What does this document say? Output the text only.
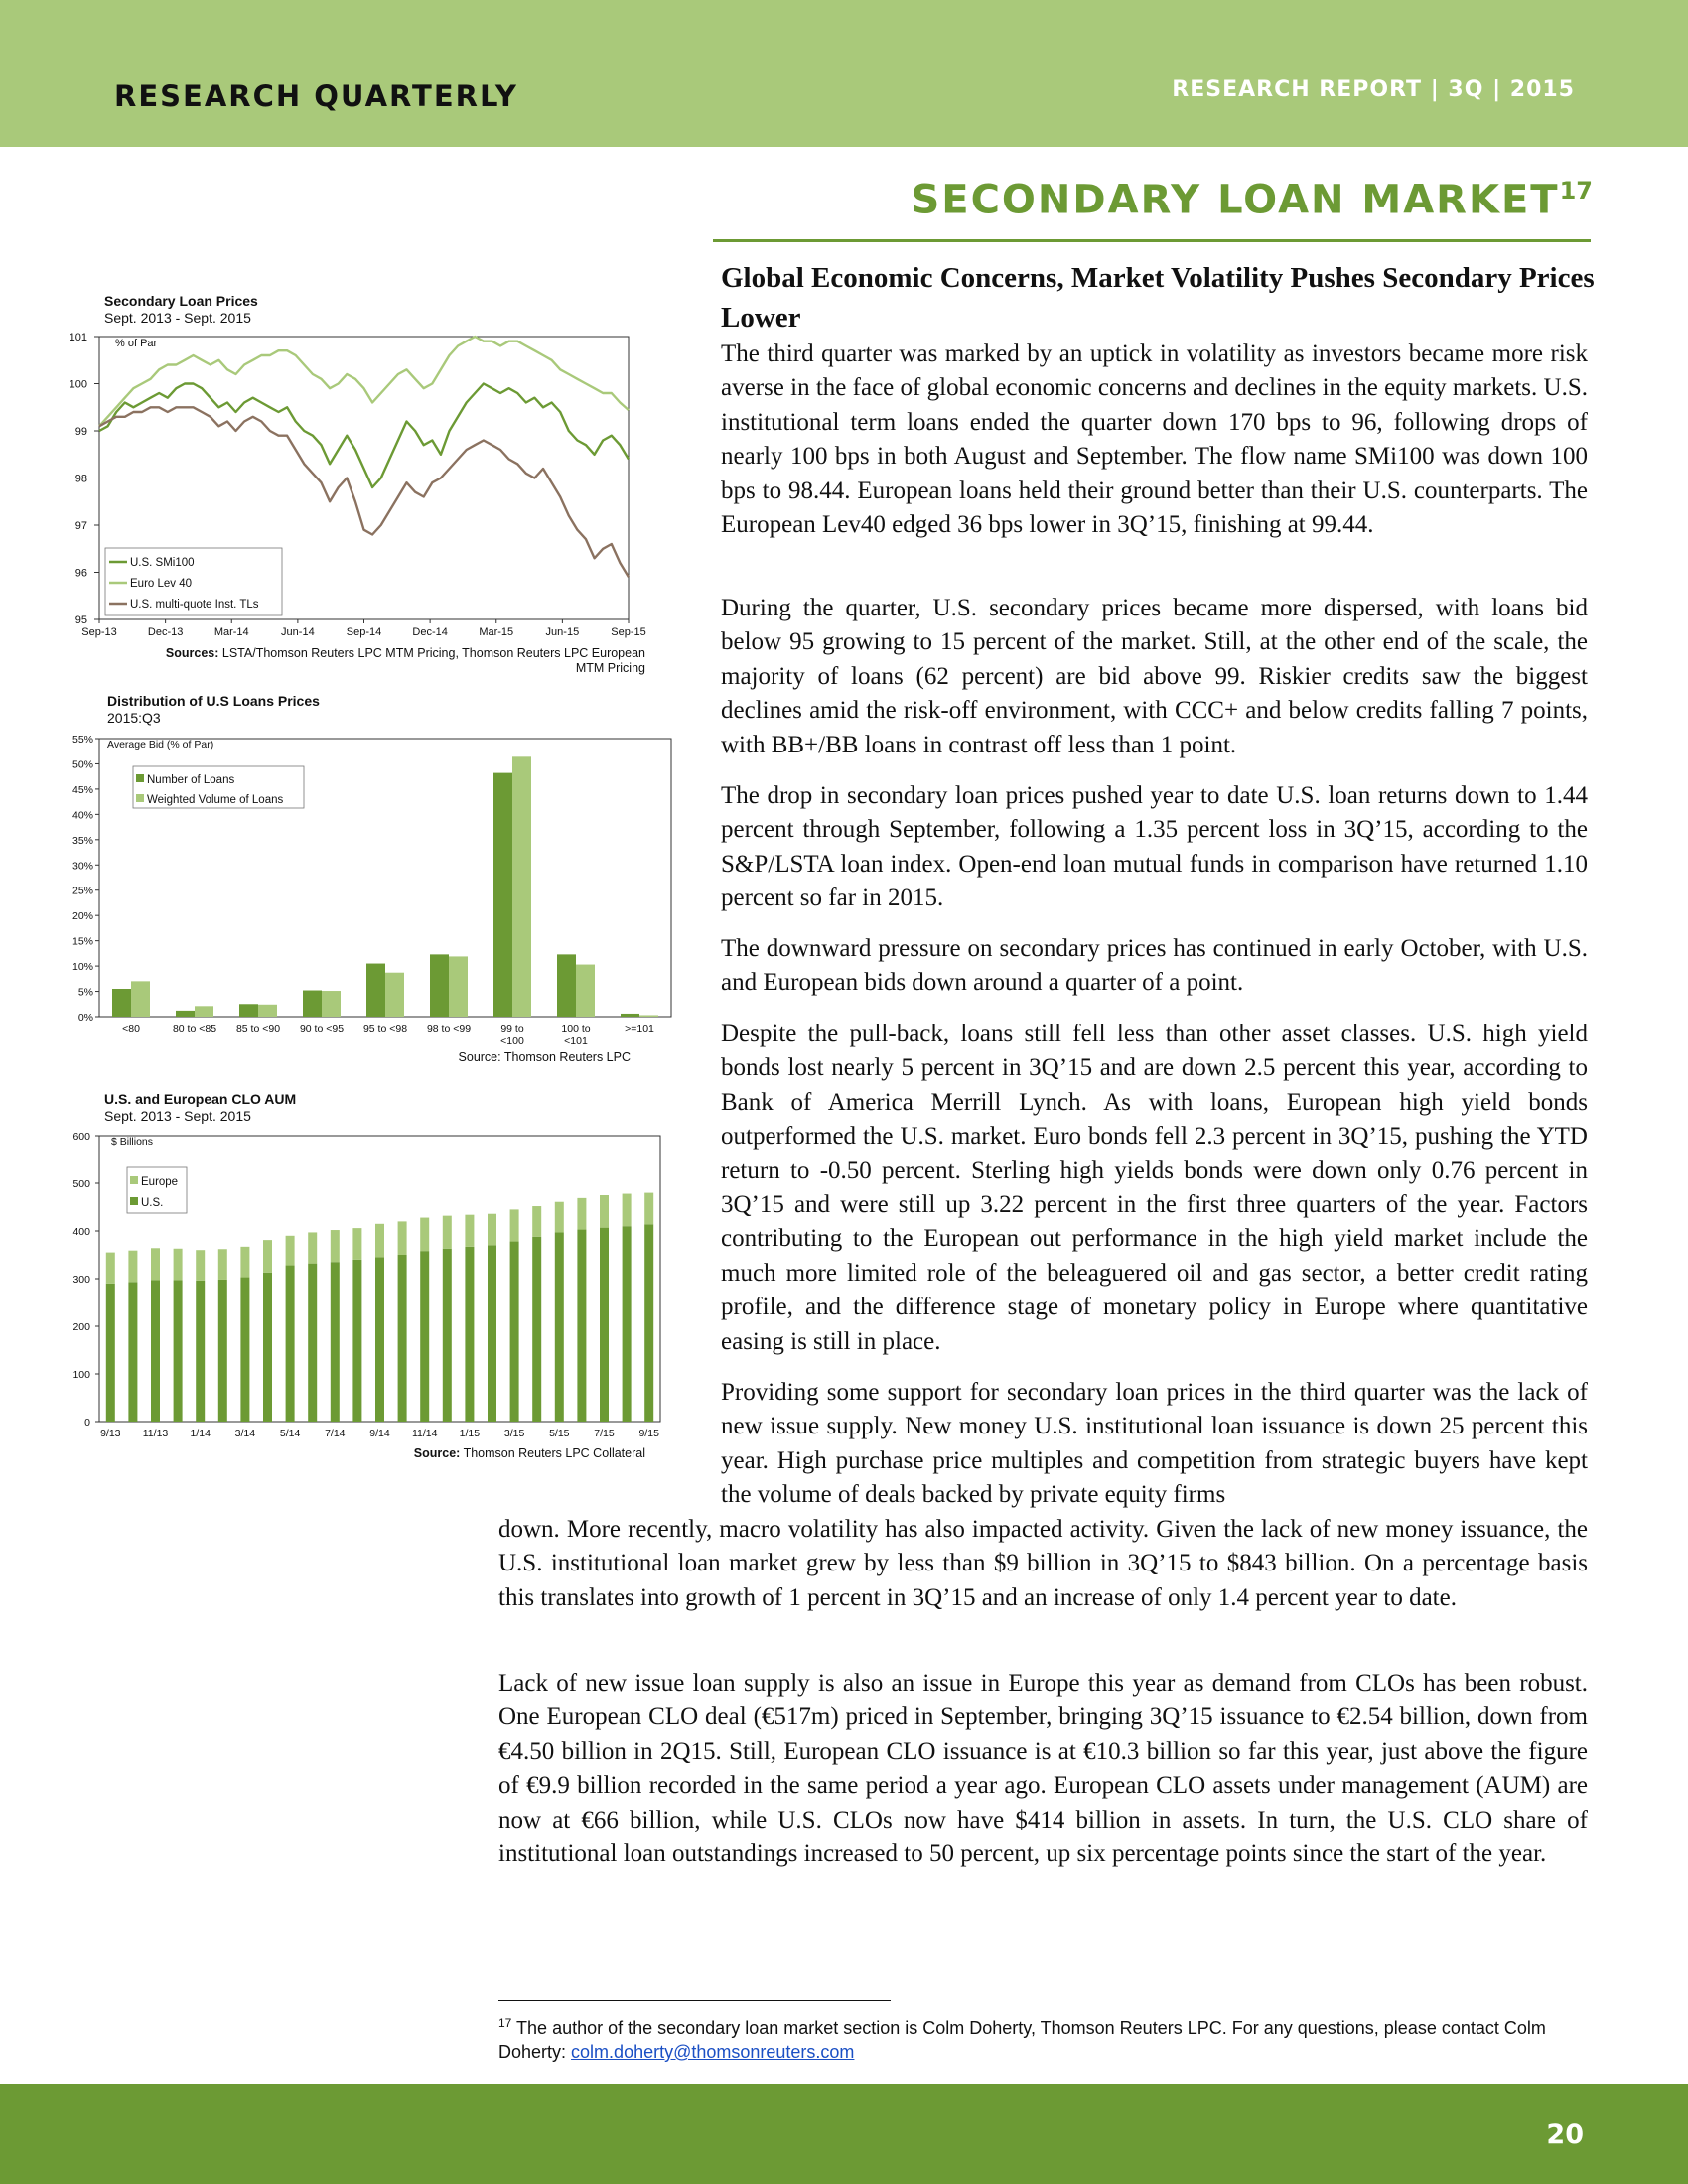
RESEARCH QUARTERLY	RESEARCH REPORT | 3Q | 2015
SECONDARY LOAN MARKET$^{17}$
Global Economic Concerns, Market Volatility Pushes Secondary Prices Lower

The third quarter was marked by an uptick in volatility as investors became more risk averse in the face of global economic concerns and declines in the equity markets. U.S. institutional term loans ended the quarter down 170 bps to 96, following drops of nearly 100 bps in both August and September. The flow name SMi100 was down 100 bps to 98.44. European loans held their ground better than their U.S. counterparts. The European Lev40 edged 36 bps lower in 3Q’15, finishing at 99.44.

During the quarter, U.S. secondary prices became more dispersed, with loans bid below 95 growing to 15 percent of the market. Still, at the other end of the scale, the majority of loans (62 percent) are bid above 99. Riskier credits saw the biggest declines amid the risk-off environment, with CCC+ and below credits falling 7 points, with BB+/BB loans in contrast off less than 1 point.

The drop in secondary loan prices pushed year to date U.S. loan returns down to 1.44 percent through September, following a 1.35 percent loss in 3Q’15, according to the S&P/LSTA loan index. Open-end loan mutual funds in comparison have returned 1.10 percent so far in 2015.

The downward pressure on secondary prices has continued in early October, with U.S. and European bids down around a quarter of a point.

Despite the pull-back, loans still fell less than other asset classes. U.S. high yield bonds lost nearly 5 percent in 3Q’15 and are down 2.5 percent this year, according to Bank of America Merrill Lynch. As with loans, European high yield bonds outperformed the U.S. market. Euro bonds fell 2.3 percent in 3Q’15, pushing the YTD return to -0.50 percent. Sterling high yields bonds were down only 0.76 percent in 3Q’15 and were still up 3.22 percent in the first three quarters of the year. Factors contributing to the European out performance in the high yield market include the much more limited role of the beleaguered oil and gas sector, a better credit rating profile, and the difference stage of monetary policy in Europe where quantitative easing is still in place.

Providing some support for secondary loan prices in the third quarter was the lack of new issue supply. New money U.S. institutional loan issuance is down 25 percent this year. High purchase price multiples and competition from strategic buyers have kept the volume of deals backed by private equity firms

down. More recently, macro volatility has also impacted activity. Given the lack of new money issuance, the U.S. institutional loan market grew by less than $9 billion in 3Q’15 to $843 billion. On a percentage basis this translates into growth of 1 percent in 3Q’15 and an increase of only 1.4 percent year to date.

Lack of new issue loan supply is also an issue in Europe this year as demand from CLOs has been robust. One European CLO deal (€517m) priced in September, bringing 3Q’15 issuance to €2.54 billion, down from €4.50 billion in 2Q15. Still, European CLO issuance is at €10.3 billion so far this year, just above the figure of €9.9 billion recorded in the same period a year ago. European CLO assets under management (AUM) are now at €66 billion, while U.S. CLOs now have $414 billion in assets. In turn, the U.S. CLO share of institutional loan outstandings increased to 50 percent, up six percentage points since the start of the year.

Secondary Loan Prices
Sept. 2013 - Sept. 2015
95
96
97
98
99
100
101	% of Par
Sep-13	Dec-13	Mar-14	Jun-14	Sep-14	Dec-14	Mar-15	Jun-15	Sep-15
U.S. SMi100
Euro Lev 40
U.S. multi-quote Inst. TLs
Sources: LSTA/Thomson Reuters LPC MTM Pricing, Thomson Reuters LPC European MTM Pricing
Distribution of U.S Loans Prices
2015:Q3
0%
5%
10%
15%
20%
25%
30%
35%
40%
45%
50%
55% Average Bid (% of Par)
<80	80 to <85 85 to <90 90 to <95 95 to <98 98 to <99	99 to <100
100 to <101
>=101
Number of Loans
Weighted Volume of Loans
Source: Thomson Reuters LPC
U.S. and European CLO AUM
Sept. 2013 - Sept. 2015
0
100
200
300
400
500
600 $ Billions
9/13 11/13 1/14 3/14 5/14 7/14 9/14 11/14 1/15 3/15 5/15 7/15 9/15
Europe
U.S.
Source: Thomson Reuters LPC Collateral
$^{17}$ The author of the secondary loan market section is Colm Doherty, Thomson Reuters LPC. For any questions, please contact Colm Doherty: colm.doherty@thomsonreuters.com
20
